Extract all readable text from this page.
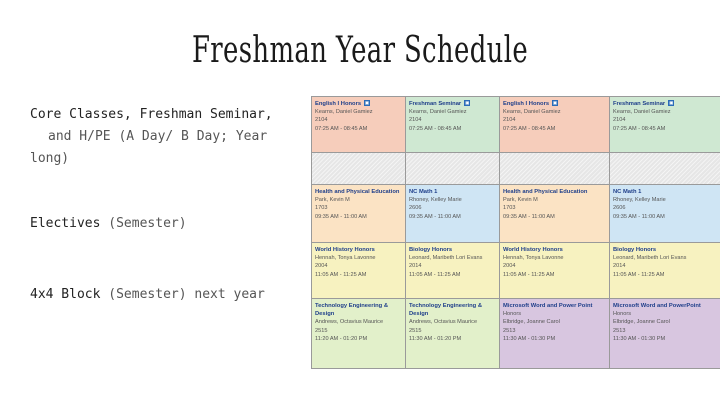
Freshman Year Schedule
Core Classes, Freshman Seminar,
and H/PE (A Day/ B Day; Year long)
Electives (Semester)
4x4 Block (Semester) next year
English I Honors ▣
Kearns, Daniel Gamiez
2104
07:25 AM - 08:45 AM
Freshman Seminar ▣
Kearns, Daniel Gamiez
2104
07:25 AM - 08:45 AM
English I Honors ▣
Kearns, Daniel Gamiez
2104
07:25 AM - 08:45 AM
Freshman Seminar ▣
Kearns, Daniel Gamiez
2104
07:25 AM - 08:45 AM
Health and Physical Education
Park, Kevin M
1703
09:35 AM - 11:00 AM
NC Math 1
Rhoney, Kelley Marie
2606
09:35 AM - 11:00 AM
Health and Physical Education
Park, Kevin M
1703
09:35 AM - 11:00 AM
NC Math 1
Rhoney, Kelley Marie
2606
09:35 AM - 11:00 AM
World History Honors
Hennah, Tonya Lavonne
2004
11:05 AM - 11:25 AM
Biology Honors
Leonard, Maribeth Lori Evans
2014
11:05 AM - 11:25 AM
World History Honors
Hennah, Tonya Lavonne
2004
11:05 AM - 11:25 AM
Biology Honors
Leonard, Maribeth Lori Evans
2014
11:05 AM - 11:25 AM
Technology Engineering & Design
Andrews, Octavius Maurice
2515
11:20 AM - 01:20 PM
Technology Engineering & Design
Andrews, Octavius Maurice
2515
11:30 AM - 01:20 PM
Microsoft Word and Power Point
Honors
Elbridge, Joanne Carol
2513
11:30 AM - 01:30 PM
Microsoft Word and PowerPoint
Honors
Elbridge, Joanne Carol
2513
11:30 AM - 01:30 PM
